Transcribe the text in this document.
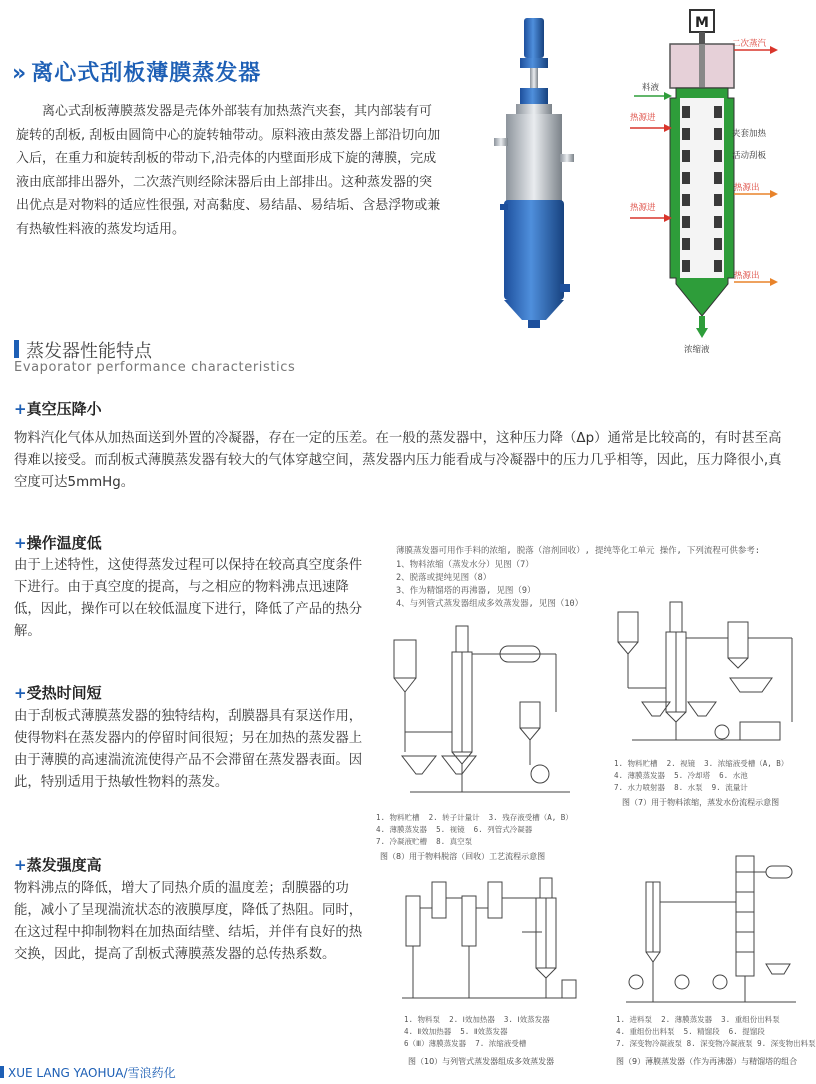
» 离心式刮板薄膜蒸发器
离心式刮板薄膜蒸发器是壳体外部装有加热蒸汽夹套，其内部装有可旋转的刮板, 刮板由圆筒中心的旋转轴带动。原料液由蒸发器上部沿切向加入后，在重力和旋转刮板的带动下,沿壳体的内壁面形成下旋的薄膜，完成液由底部排出器外，二次蒸汽则经除沫器后由上部排出。这种蒸发器的突出优点是对物料的适应性很强, 对高黏度、易结晶、易结垢、含悬浮物或兼有热敏性料液的蒸发均适用。
M
二次蒸汽
料液
热源进
夹套加热
活动刮板
热源出
热源进
热源出
浓缩液
蒸发器性能特点
Evaporator performance characteristics
+真空压降小
物料汽化气体从加热面送到外置的冷凝器，存在一定的压差。在一般的蒸发器中，这种压力降（Δp）通常是比较高的，有时甚至高得难以接受。而刮板式薄膜蒸发器有较大的气体穿越空间，蒸发器内压力能看成与冷凝器中的压力几乎相等，因此，压力降很小,真空度可达5mmHg。
+操作温度低
由于上述特性，这使得蒸发过程可以保持在较高真空度条件下进行。由于真空度的提高，与之相应的物料沸点迅速降低，因此，操作可以在较低温度下进行，降低了产品的热分解。
+受热时间短
由于刮板式薄膜蒸发器的独特结构，刮膜器具有泵送作用，使得物料在蒸发器内的停留时间很短；另在加热的蒸发器上由于薄膜的高速湍流流使得产品不会滞留在蒸发器表面。因此，特别适用于热敏性物料的蒸发。
+蒸发强度高
物料沸点的降低，增大了同热介质的温度差；刮膜器的功能，减小了呈现湍流状态的液膜厚度，降低了热阻。同时，在这过程中抑制物料在加热面结壁、结垢，并伴有良好的热交换，因此，提高了刮板式薄膜蒸发器的总传热系数。
薄膜蒸发器可用作手料的浓缩, 脱落（溶剂回收）, 提纯等化工单元 操作, 下列流程可供参考:
1、物料浓缩（蒸发水分）见图（7）
2、脱落或提纯见图（8）
3、作为精馏塔的再沸器, 见图（9）
4、与列管式蒸发器组成多效蒸发器, 见图（10）
1. 物料贮槽 2. 转子计量计 3. 残存液受槽（A, B）
4. 薄膜蒸发器 5. 视镜 6. 列管式冷凝器
7. 冷凝液贮槽 8. 真空泵
图（8）用于物料脱溶（回收）工艺流程示意图
1. 物料贮槽 2. 视镜 3. 浓缩液受槽（A, B）
4. 薄膜蒸发器 5. 冷却塔 6. 水池
7. 水力喷射器 8. 水泵 9. 流量计
图（7）用于物料浓缩，蒸发水份流程示意图
1. 物料泵 2. Ⅰ效加热器 3. Ⅰ效蒸发器
4. Ⅱ效加热器 5. Ⅱ效蒸发器
6（Ⅲ）薄膜蒸发器 7. 浓缩液受槽
图（10）与列管式蒸发器组成多效蒸发器
1. 进料泵 2. 薄膜蒸发器 3. 重组份出料泵
4. 重组份出料泵 5. 精馏段 6. 提馏段
7. 深变物冷凝液泵 8. 深变物冷凝液泵 9. 深变物出料泵
图（9）薄膜蒸发器（作为再沸器）与精馏塔的组合
XUE LANG YAOHUA/雪浪药化
